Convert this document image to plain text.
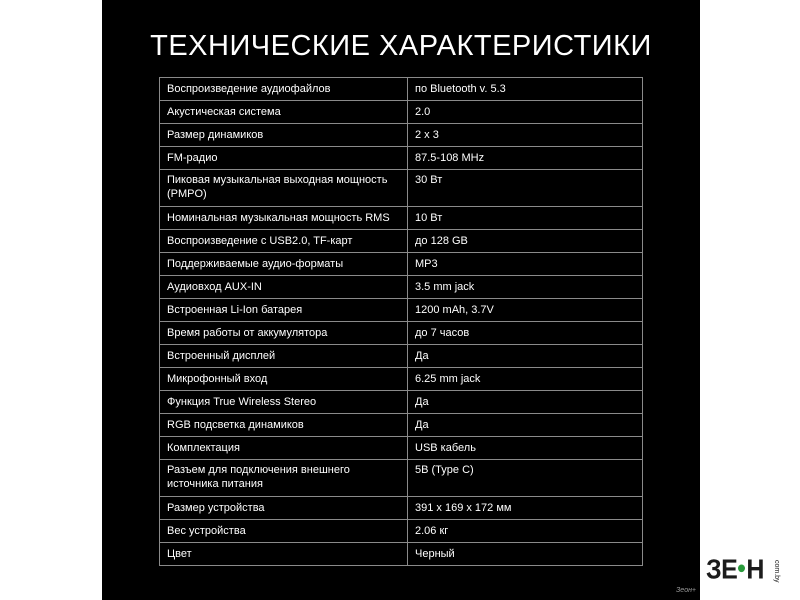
ТЕХНИЧЕСКИЕ ХАРАКТЕРИСТИКИ
Воспроизведение аудиофайлов	по Bluetooth v. 5.3
Акустическая система	2.0
Размер динамиков	2 x 3
FM-радио	87.5-108 MHz
Пиковая музыкальная выходная мощность (PMPO)	30 Вт
Номинальная музыкальная мощность RMS	10 Вт
Воспроизведение с USB2.0, TF-карт	до 128 GB
Поддерживаемые аудио-форматы	MP3
Аудиовход AUX-IN	3.5 mm jack
Встроенная Li-Ion батарея	1200 mAh, 3.7V
Время работы от аккумулятора	до 7 часов
Встроенный дисплей	Да
Микрофонный вход	6.25 mm jack
Функция True Wireless Stereo	Да
RGB подсветка динамиков	Да
Комплектация	USB кабель
Разъем для подключения внешнего источника питания	5В (Type C)
Размер устройства	391 x 169 x 172 мм
Вес устройства	2.06 кг
Цвет	Черный
ЗЕ Н com.by
Зеон+
